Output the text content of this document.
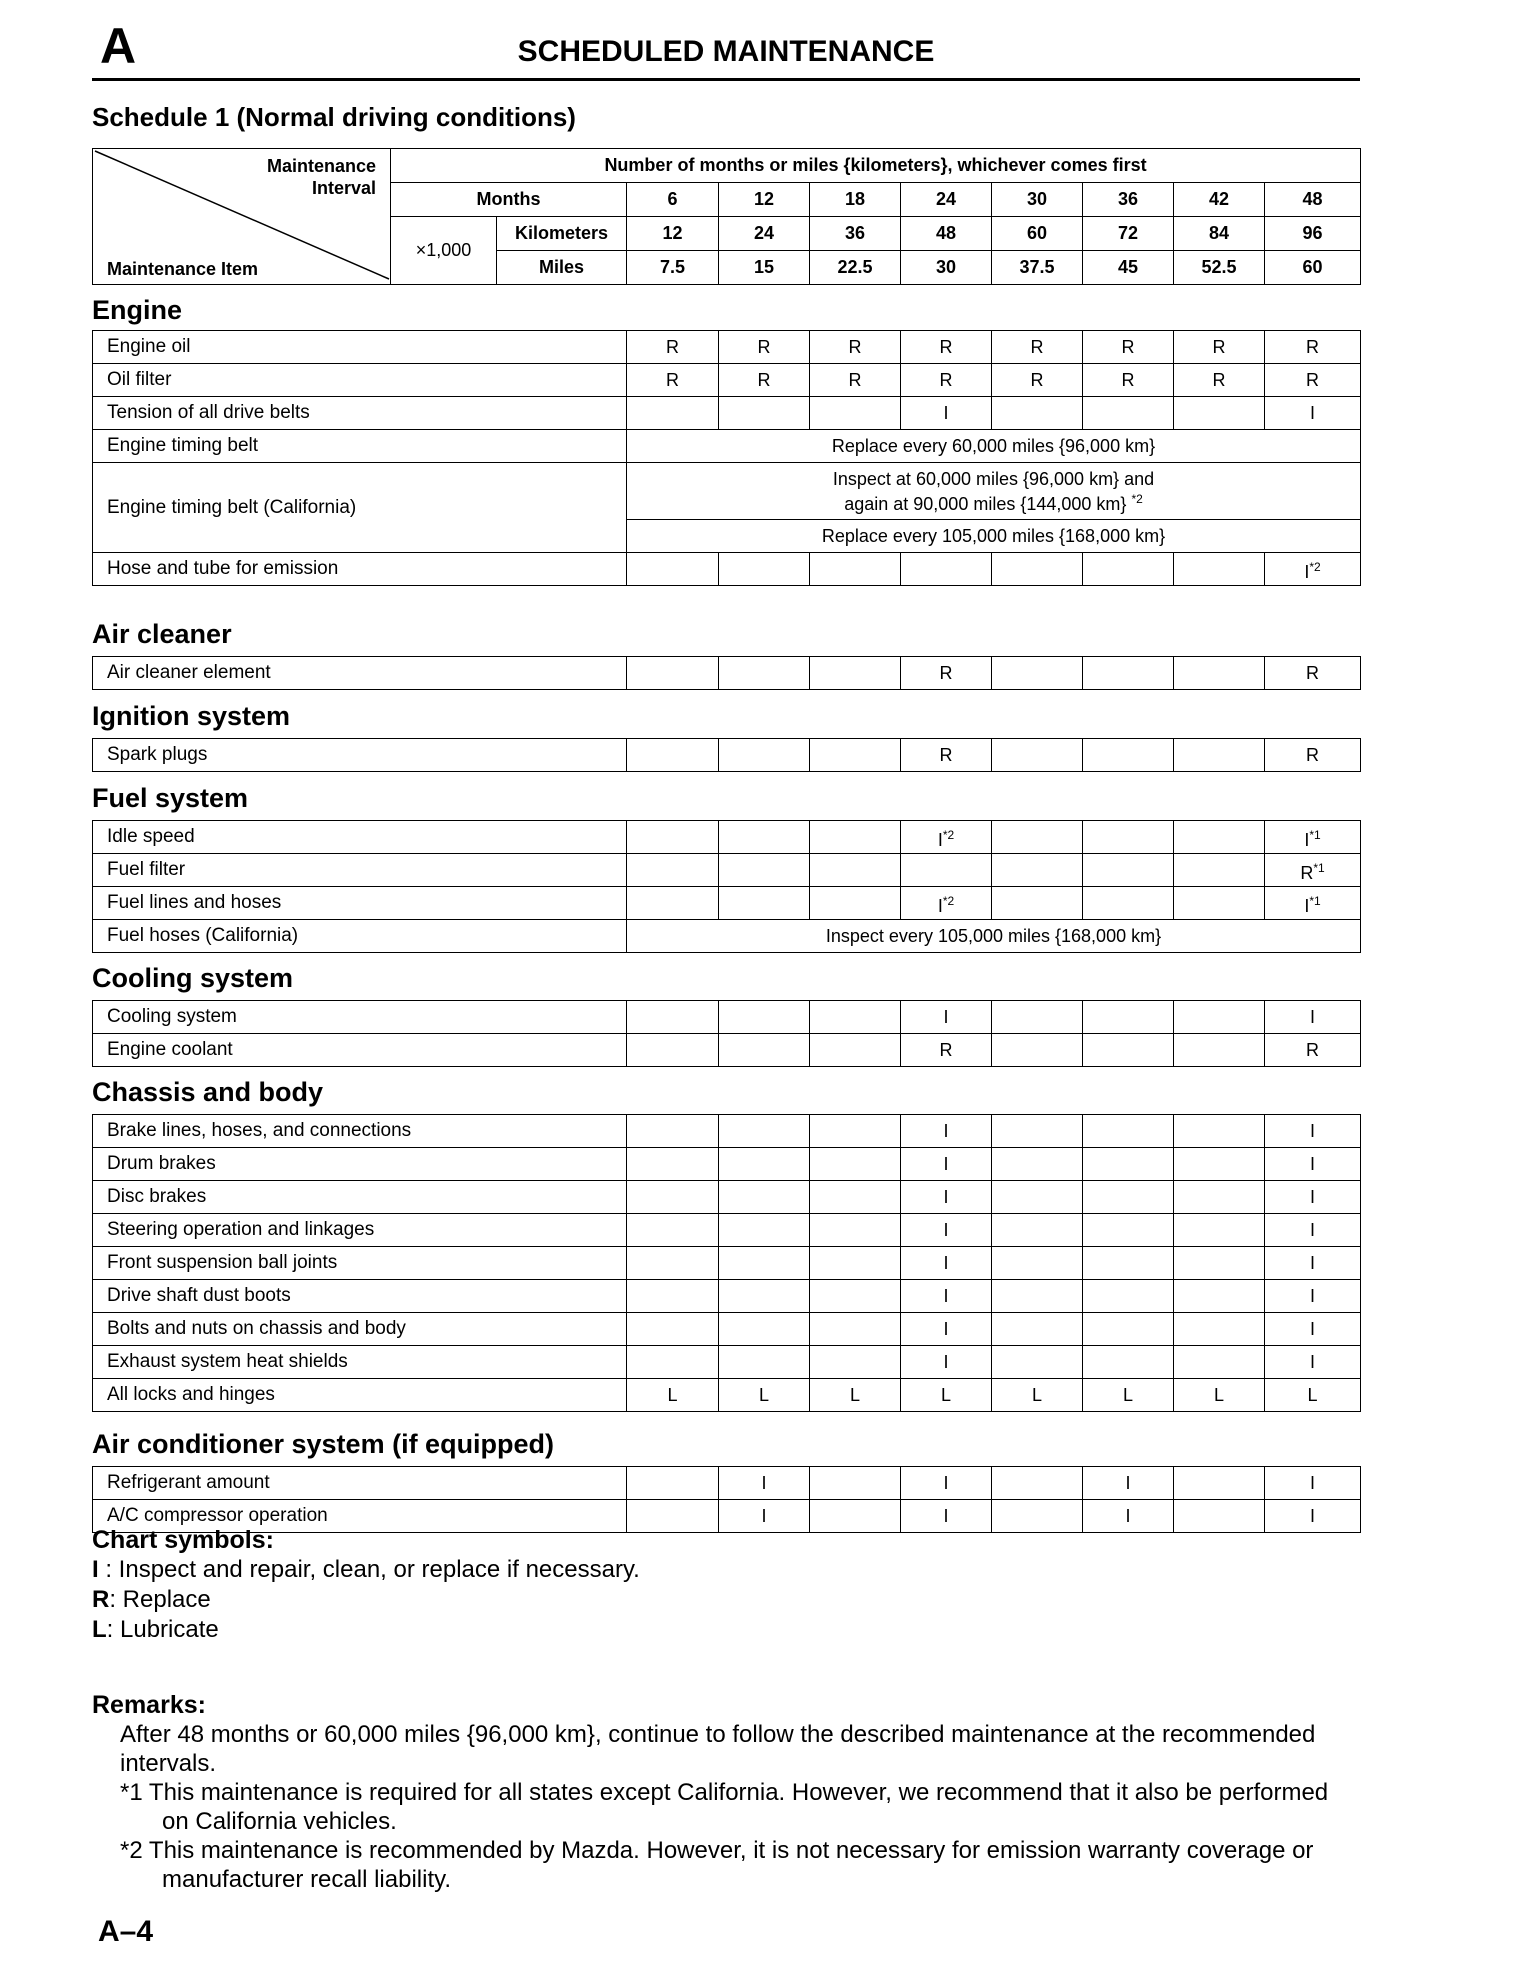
A	SCHEDULED MAINTENANCE
Schedule 1 (Normal driving conditions)
Maintenance
Interval
Maintenance Item	Number of months or miles {kilometers}, whichever comes first									
	Months		6	12	18	24	30	36	42	48
	×1,000	Kilometers	12	24	36	48	60	72	84	96
		Miles	7.5	15	22.5	30	37.5	45	52.5	60
Engine
Engine oil	R	R	R	R	R	R	R	R
Oil filter	R	R	R	R	R	R	R	R
Tension of all drive belts				I				I
Engine timing belt	Replace every 60,000 miles {96,000 km}							
Engine timing belt (California)	Inspect at 60,000 miles {96,000 km} and
again at 90,000 miles {144,000 km} $^{*2}$

	Replace every 105,000 miles {168,000 km}							
Hose and tube for emission								$I^{*2}$
Air cleaner
Air cleaner element				R				R
Ignition system
Spark plugs				R				R
Fuel system
Idle speed				$I^{*2}$				$I^{*1}$
Fuel filter								$R^{*1}$
Fuel lines and hoses				$I^{*2}$				$I^{*1}$
Fuel hoses (California)	Inspect every 105,000 miles {168,000 km}							
Cooling system
Cooling system				I				I
Engine coolant				R				R
Chassis and body
Brake lines, hoses, and connections				I				I
Drum brakes				I				I
Disc brakes				I				I
Steering operation and linkages				I				I
Front suspension ball joints				I				I
Drive shaft dust boots				I				I
Bolts and nuts on chassis and body				I				I
Exhaust system heat shields				I				I
All locks and hinges	L	L	L	L	L	L	L	L
Air conditioner system (if equipped)
Refrigerant amount		I		I		I		I
A/C compressor operation		I		I		I		I
Chart symbols:
I : Inspect and repair, clean, or replace if necessary.
R: Replace
L: Lubricate
Remarks:
After 48 months or 60,000 miles {96,000 km}, continue to follow the described maintenance at the recommended intervals.
*1 This maintenance is required for all states except California. However, we recommend that it also be performed on California vehicles.
*2 This maintenance is recommended by Mazda. However, it is not necessary for emission warranty coverage or manufacturer recall liability.
A–4
